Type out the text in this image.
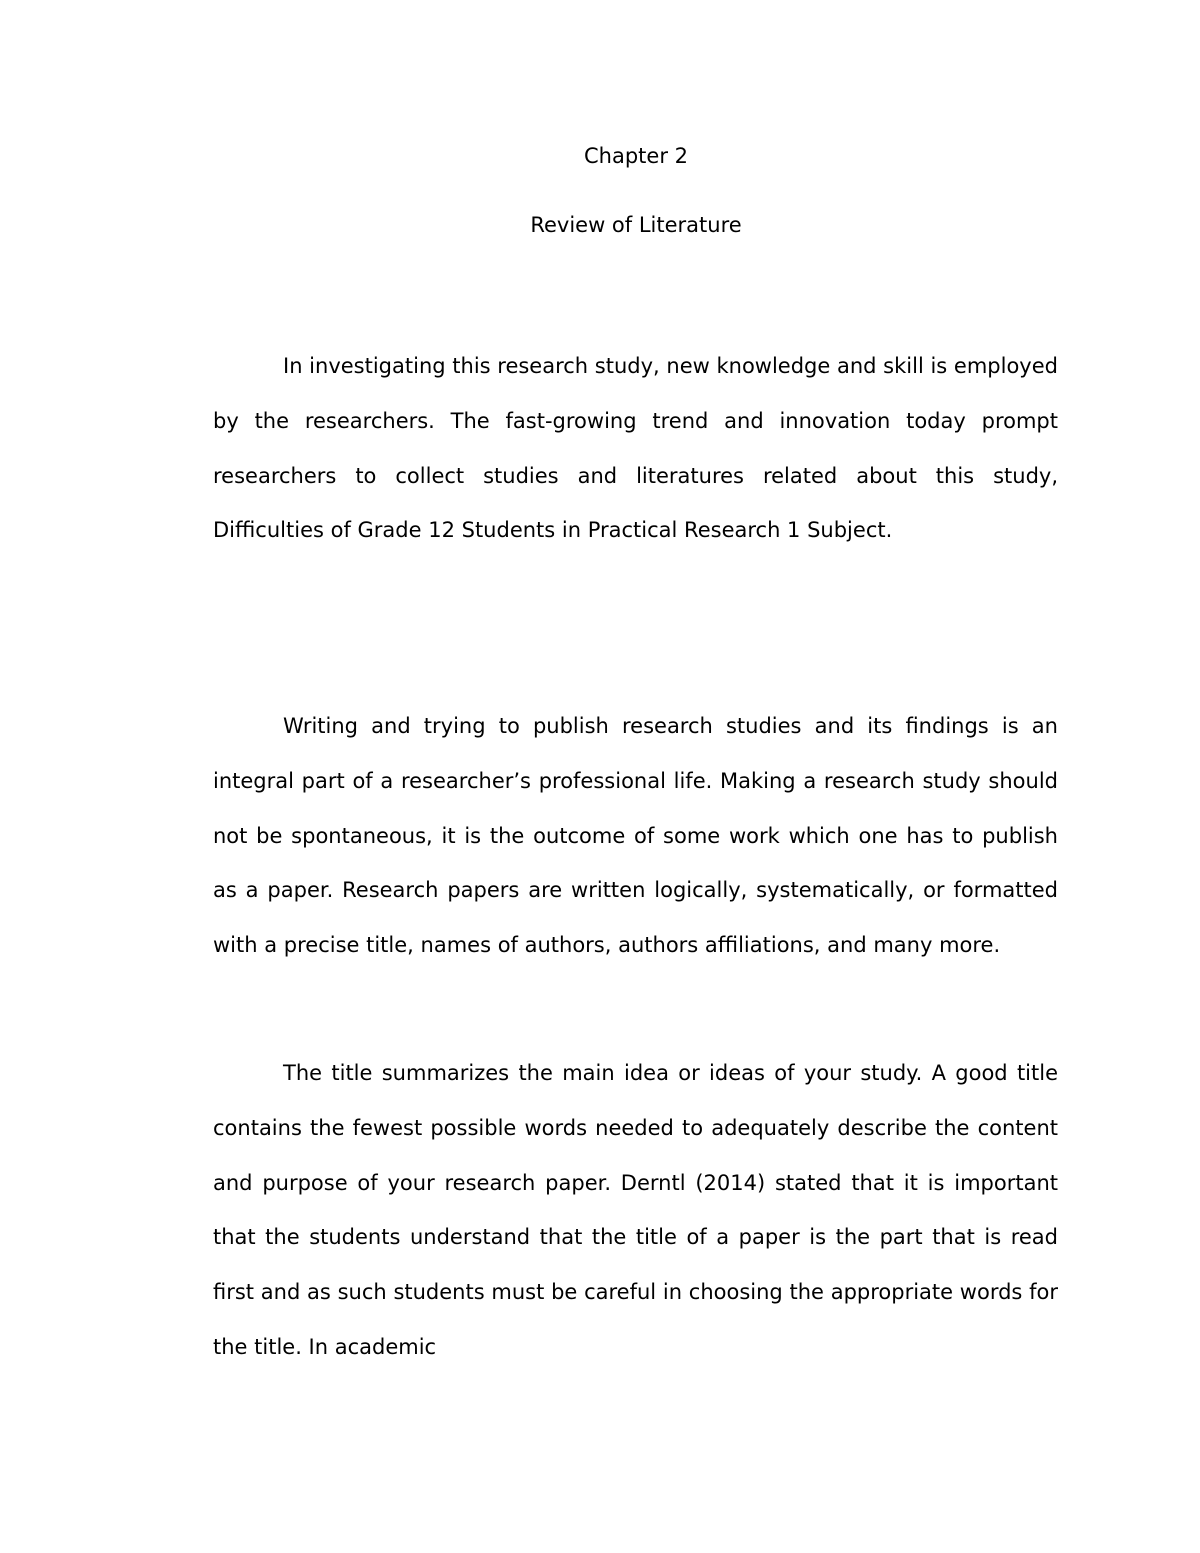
Chapter 2
Review of Literature

In investigating this research study, new knowledge and skill is employed by the researchers. The fast-growing trend and innovation today prompt researchers to collect studies and literatures related about this study, Difficulties of Grade 12 Students in Practical Research 1 Subject.

Writing and trying to publish research studies and its findings is an integral part of a researcher’s professional life. Making a research study should not be spontaneous, it is the outcome of some work which one has to publish as a paper. Research papers are written logically, systematically, or formatted with a precise title, names of authors, authors affiliations, and many more.

The title summarizes the main idea or ideas of your study. A good title contains the fewest possible words needed to adequately describe the content and purpose of your research paper. Derntl (2014) stated that it is important that the students understand that the title of a paper is the part that is read first and as such students must be careful in choosing the appropriate words for the title. In academic
